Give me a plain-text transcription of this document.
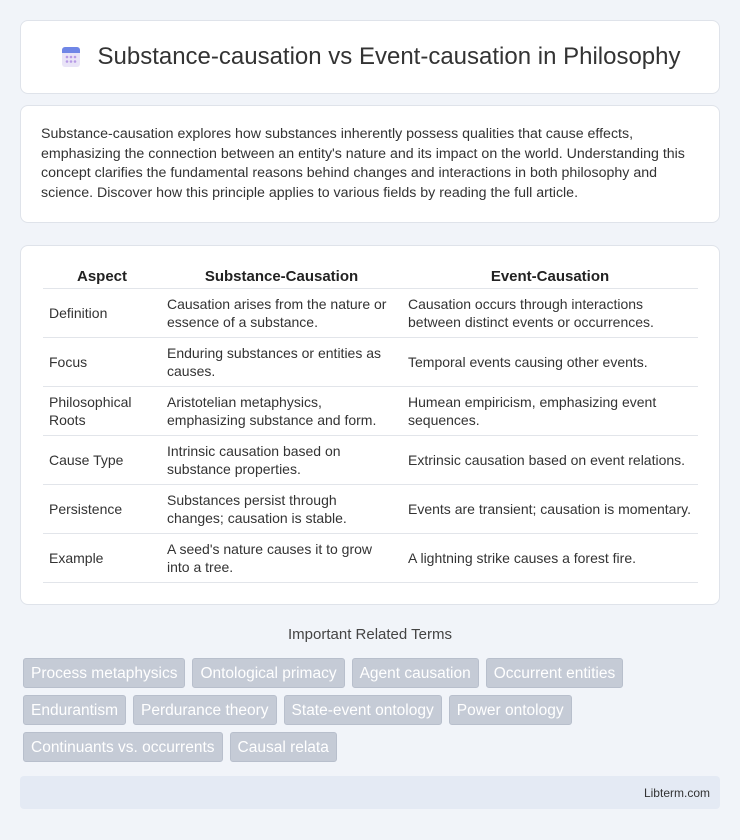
Substance-causation vs Event-causation in Philosophy

Substance-causation explores how substances inherently possess qualities that cause effects, emphasizing the connection between an entity's nature and its impact on the world. Understanding this concept clarifies the fundamental reasons behind changes and interactions in both philosophy and science. Discover how this principle applies to various fields by reading the full article.

Aspect	Substance-Causation	Event-Causation
Definition	Causation arises from the nature or essence of a substance.	Causation occurs through interactions between distinct events or occurrences.
Focus	Enduring substances or entities as causes.	Temporal events causing other events.
Philosophical Roots	Aristotelian metaphysics, emphasizing substance and form.	Humean empiricism, emphasizing event sequences.
Cause Type	Intrinsic causation based on substance properties.	Extrinsic causation based on event relations.
Persistence	Substances persist through changes; causation is stable.	Events are transient; causation is momentary.
Example	A seed's nature causes it to grow into a tree.	A lightning strike causes a forest fire.
Important Related Terms
Process metaphysics	Ontological primacy	Agent causation	Occurrent entities
Endurantism	Perdurance theory	State-event ontology	Power ontology
Continuants vs. occurrents	Causal relata
Libterm.com
